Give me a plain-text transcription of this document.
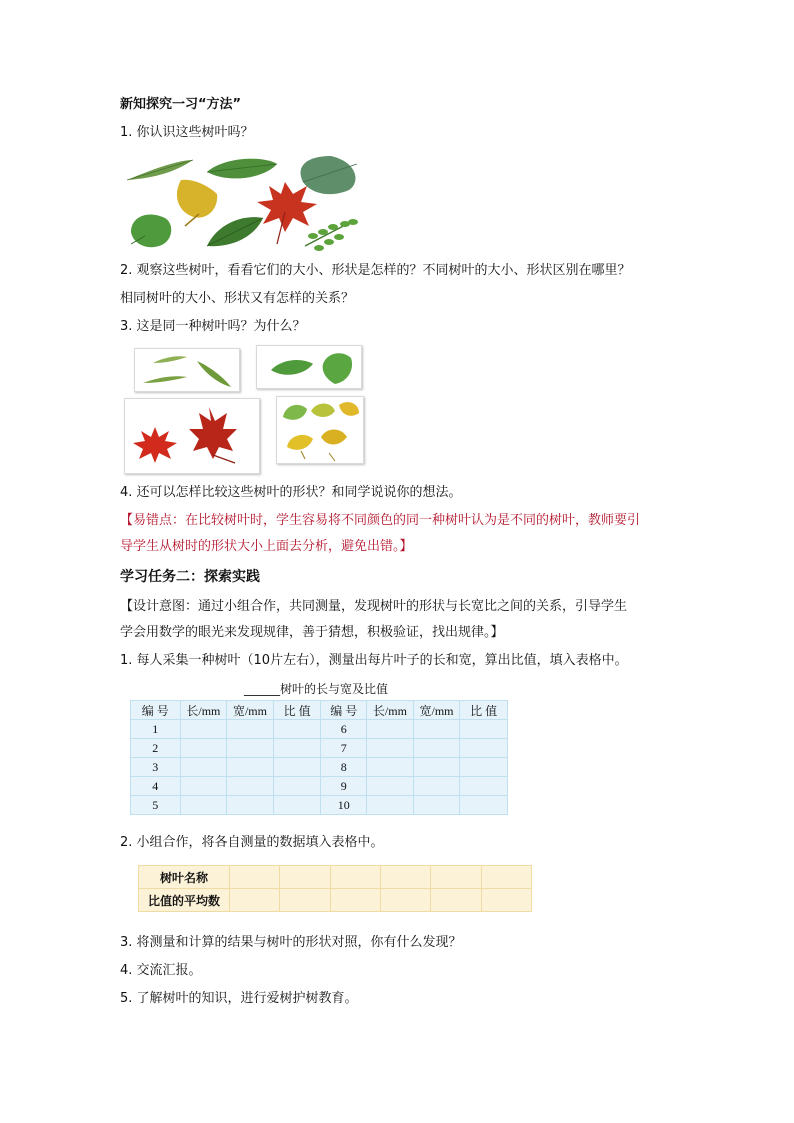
新知探究一习“方法”
1. 你认识这些树叶吗？
2. 观察这些树叶，看看它们的大小、形状是怎样的？不同树叶的大小、形状区别在哪里？
相同树叶的大小、形状又有怎样的关系？
3. 这是同一种树叶吗？为什么？
4. 还可以怎样比较这些树叶的形状？和同学说说你的想法。
【易错点：在比较树叶时，学生容易将不同颜色的同一种树叶认为是不同的树叶，教师要引
导学生从树时的形状大小上面去分析，避免出错。】
学习任务二：探索实践
【设计意图：通过小组合作，共同测量，发现树叶的形状与长宽比之间的关系，引导学生
学会用数学的眼光来发现规律，善于猜想，积极验证，找出规律。】
1. 每人采集一种树叶（10片左右），测量出每片叶子的长和宽，算出比值，填入表格中。
______树叶的长与宽及比值
编 号	长/mm	宽/mm	比 值	编 号	长/mm	宽/mm	比 值
1				6			
2				7			
3				8			
4				9			
5				10			
2. 小组合作，将各自测量的数据填入表格中。
树叶名称						
比值的平均数						
3. 将测量和计算的结果与树叶的形状对照，你有什么发现？
4. 交流汇报。
5. 了解树叶的知识，进行爱树护树教育。
